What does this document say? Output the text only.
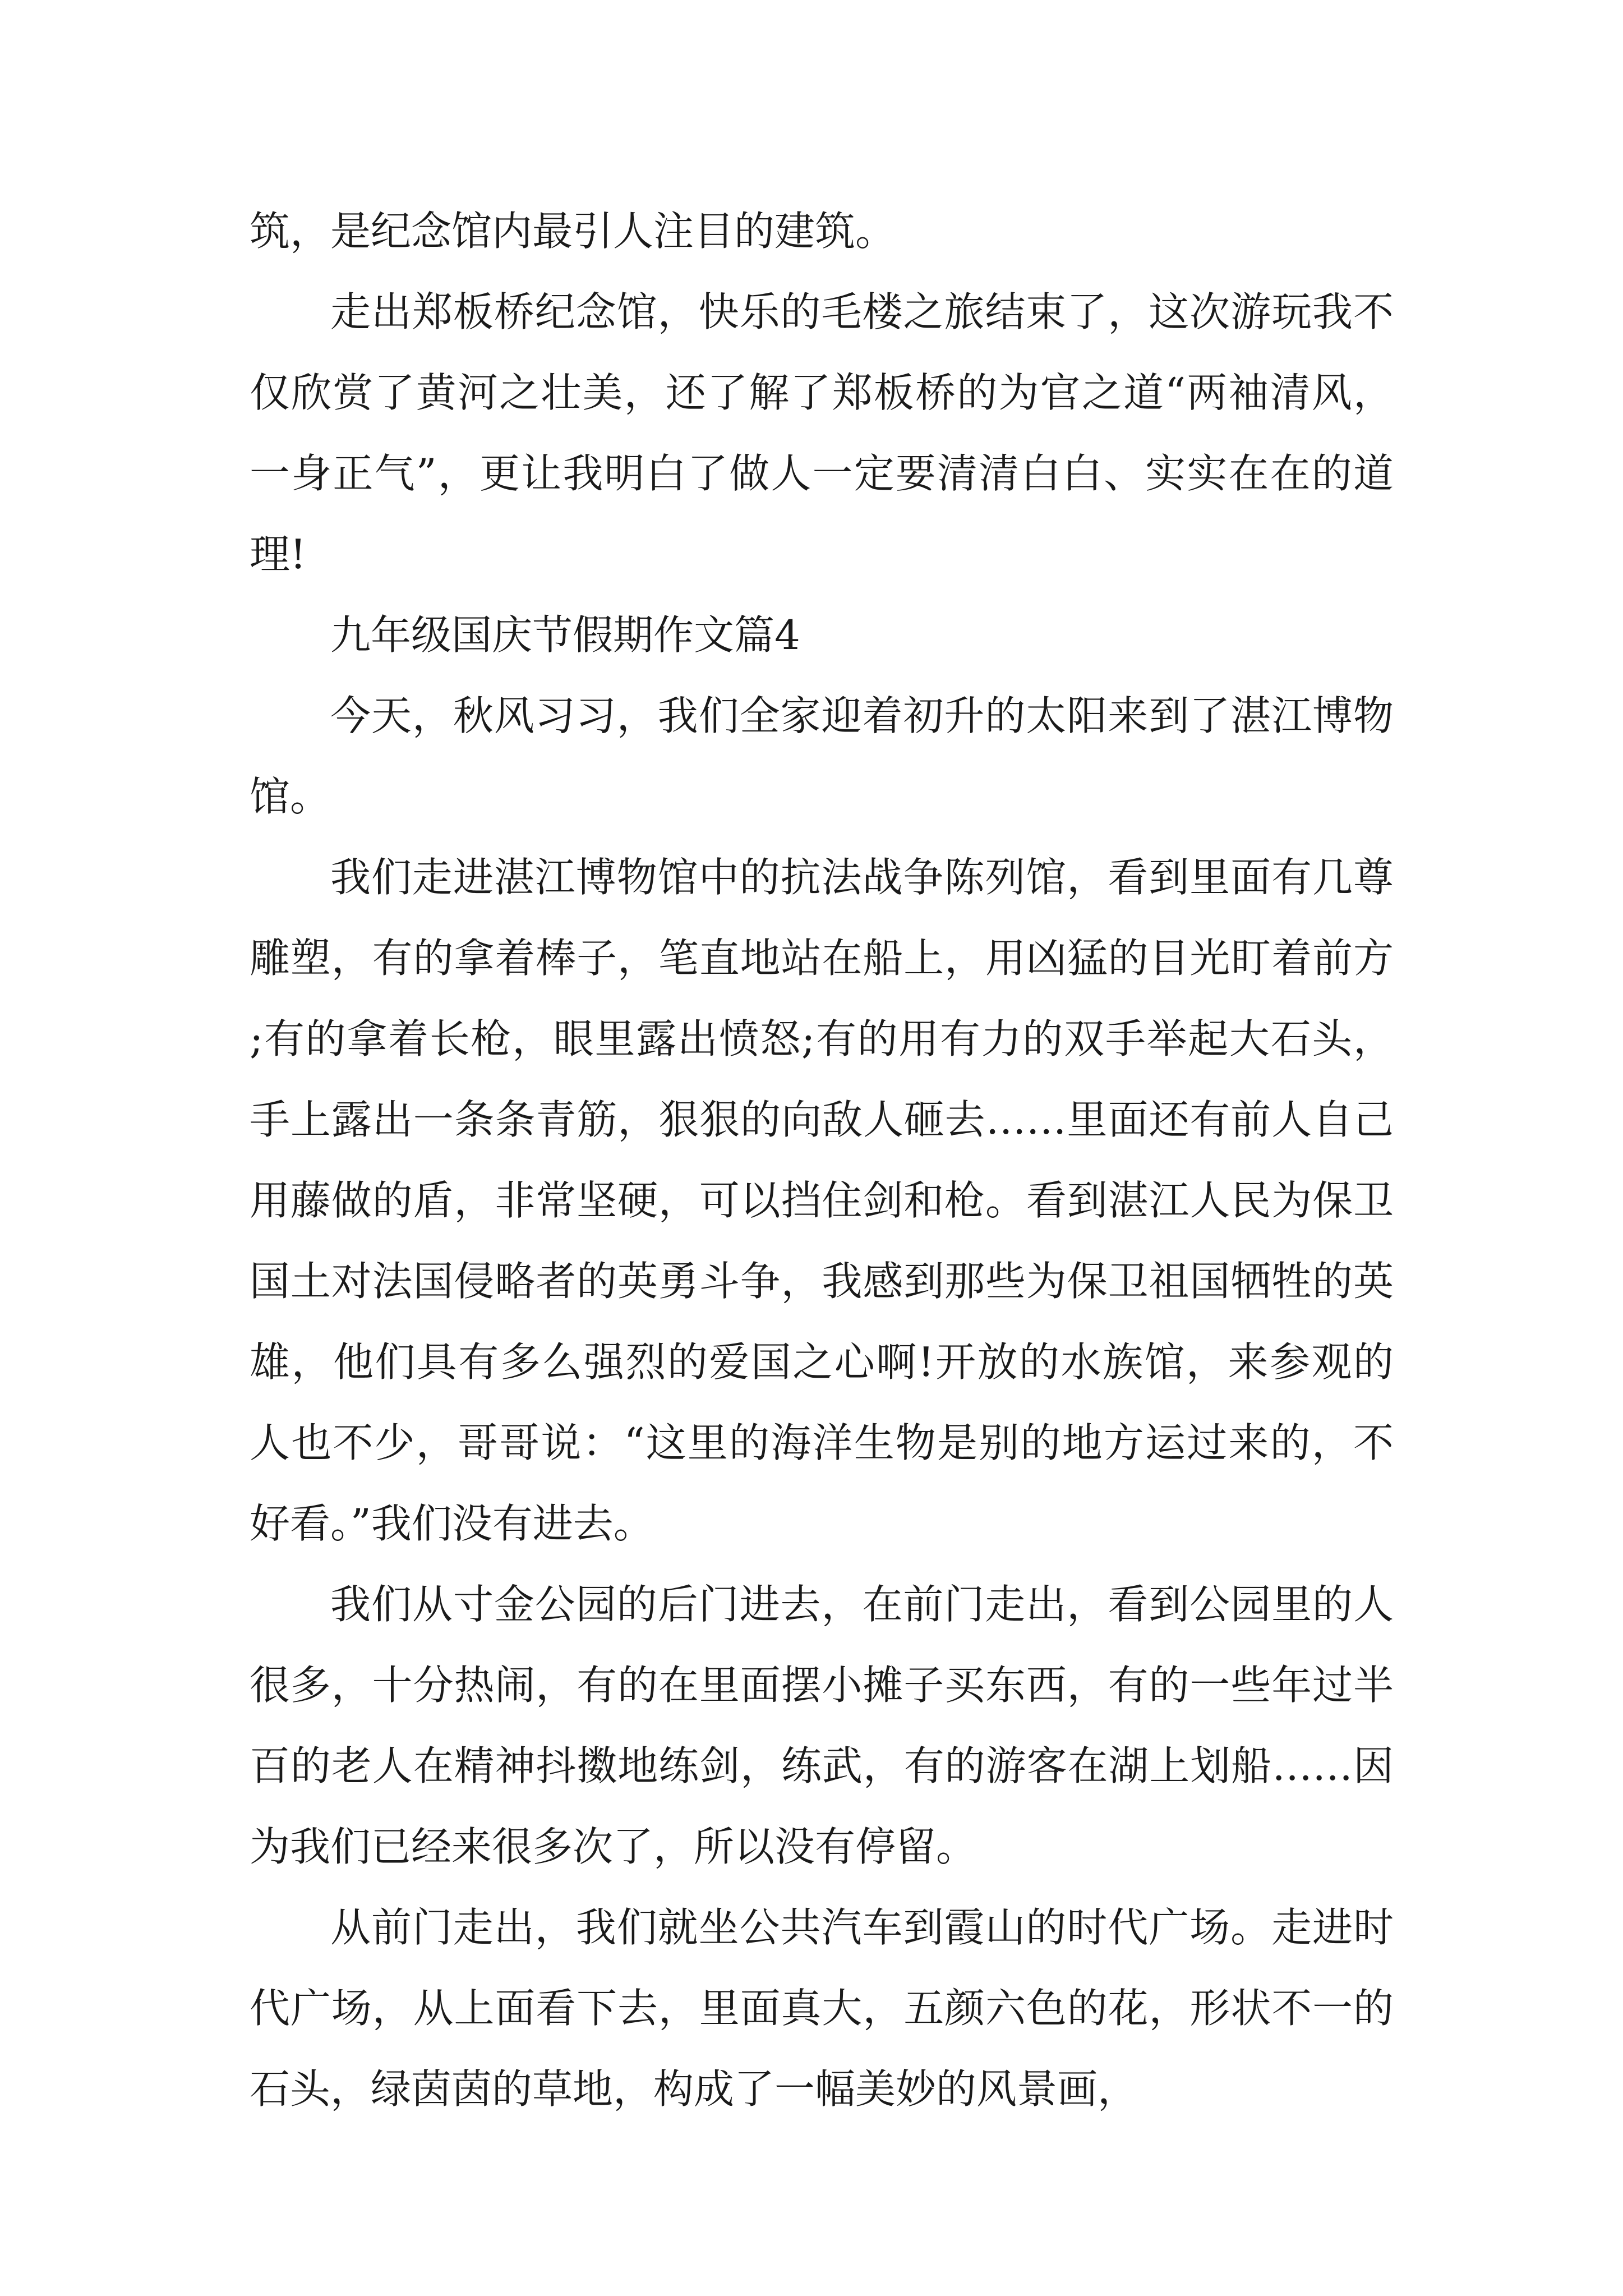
筑，是纪念馆内最引人注目的建筑。

走出郑板桥纪念馆，快乐的毛楼之旅结束了，这次游玩我不仅欣赏了黄河之壮美，还了解了郑板桥的为官之道“两袖清风，一身正气”，更让我明白了做人一定要清清白白、实实在在的道理!

九年级国庆节假期作文篇4

今天，秋风习习，我们全家迎着初升的太阳来到了湛江博物馆。

我们走进湛江博物馆中的抗法战争陈列馆，看到里面有几尊雕塑，有的拿着棒子，笔直地站在船上，用凶猛的目光盯着前方;有的拿着长枪，眼里露出愤怒;有的用有力的双手举起大石头，手上露出一条条青筋，狠狠的向敌人砸去……里面还有前人自己用藤做的盾，非常坚硬，可以挡住剑和枪。看到湛江人民为保卫国土对法国侵略者的英勇斗争，我感到那些为保卫祖国牺牲的英雄，他们具有多么强烈的爱国之心啊!开放的水族馆，来参观的人也不少，哥哥说：“这里的海洋生物是别的地方运过来的，不好看。”我们没有进去。

我们从寸金公园的后门进去，在前门走出，看到公园里的人很多，十分热闹，有的在里面摆小摊子买东西，有的一些年过半百的老人在精神抖擞地练剑，练武，有的游客在湖上划船……因为我们已经来很多次了，所以没有停留。

从前门走出，我们就坐公共汽车到霞山的时代广场。走进时代广场，从上面看下去，里面真大，五颜六色的花，形状不一的石头，绿茵茵的草地，构成了一幅美妙的风景画，
